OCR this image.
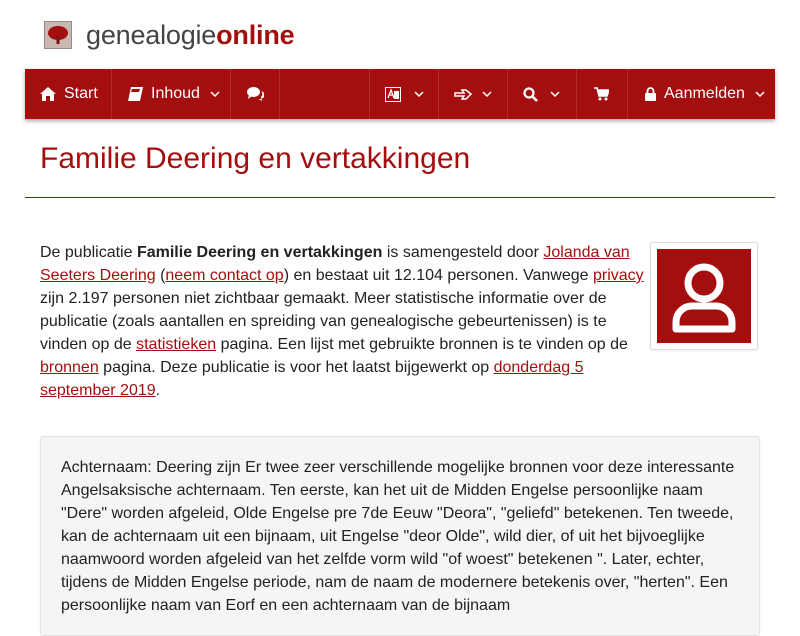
genealogieonline
Start	Inhoud	Aanmelden
Familie Deering en vertakkingen
De publicatie Familie Deering en vertakkingen is samengesteld door Jolanda van Seeters Deering (neem contact op) en bestaat uit 12.104 personen. Vanwege privacy zijn 2.197 personen niet zichtbaar gemaakt. Meer statistische informatie over de publicatie (zoals aantallen en spreiding van genealogische gebeurtenissen) is te vinden op de statistieken pagina. Een lijst met gebruikte bronnen is te vinden op de bronnen pagina. Deze publicatie is voor het laatst bijgewerkt op donderdag 5 september 2019.
Achternaam: Deering zijn Er twee zeer verschillende mogelijke bronnen voor deze interessante Angelsaksische achternaam. Ten eerste, kan het uit de Midden Engelse persoonlijke naam "Dere" worden afgeleid, Olde Engelse pre 7de Eeuw "Deora", "geliefd" betekenen. Ten tweede, kan de achternaam uit een bijnaam, uit Engelse "deor Olde", wild dier, of uit het bijvoeglijke naamwoord worden afgeleid van het zelfde vorm wild "of woest" betekenen ". Later, echter, tijdens de Midden Engelse periode, nam de naam de modernere betekenis over, "herten". Een persoonlijke naam van Eorf en een achternaam van de bijnaam
